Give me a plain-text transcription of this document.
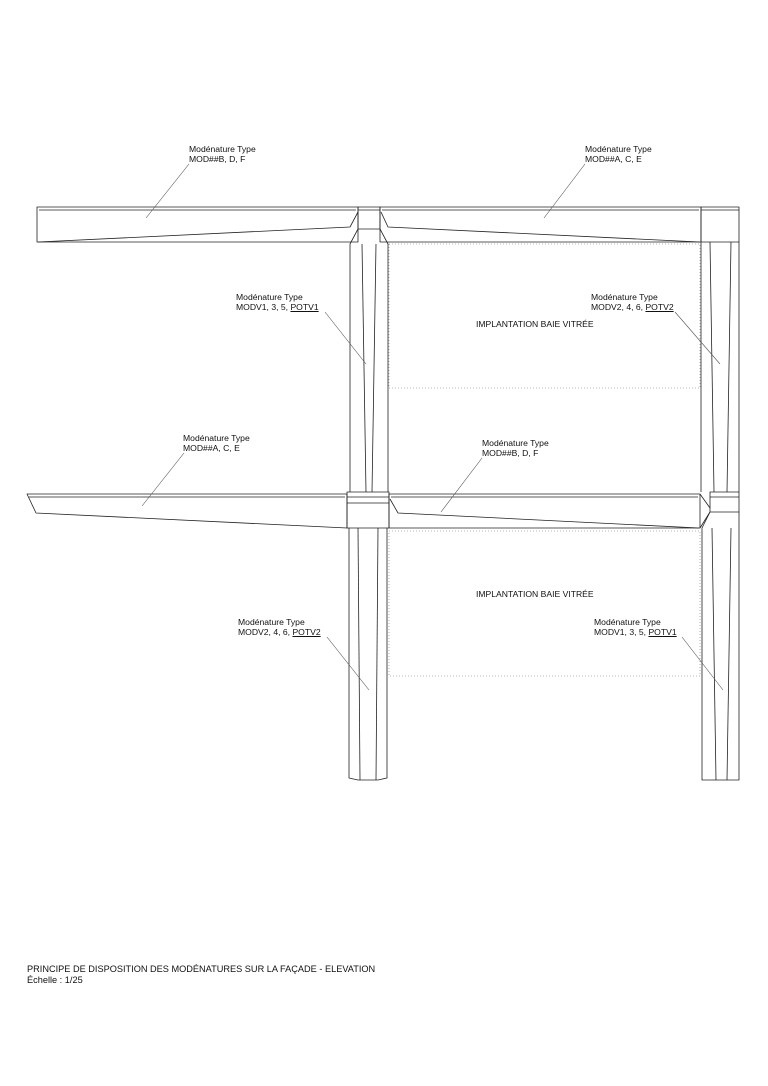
Modénature Type
MOD##B, D, F
Modénature Type
MOD##A, C, E
Modénature Type
MODV1, 3, 5, POTV1
Modénature Type
MODV2, 4, 6, POTV2
Modénature Type
MOD##A, C, E	Modénature Type
MOD##B, D, F
Modénature Type
MODV2, 4, 6, POTV2
Modénature Type
MODV1, 3, 5, POTV1
IMPLANTATION BAIE VITRÉE
IMPLANTATION BAIE VITRÉE
PRINCIPE DE DISPOSITION DES MODÉNATURES SUR LA FAÇADE - ELEVATION
Échelle : 1/25
